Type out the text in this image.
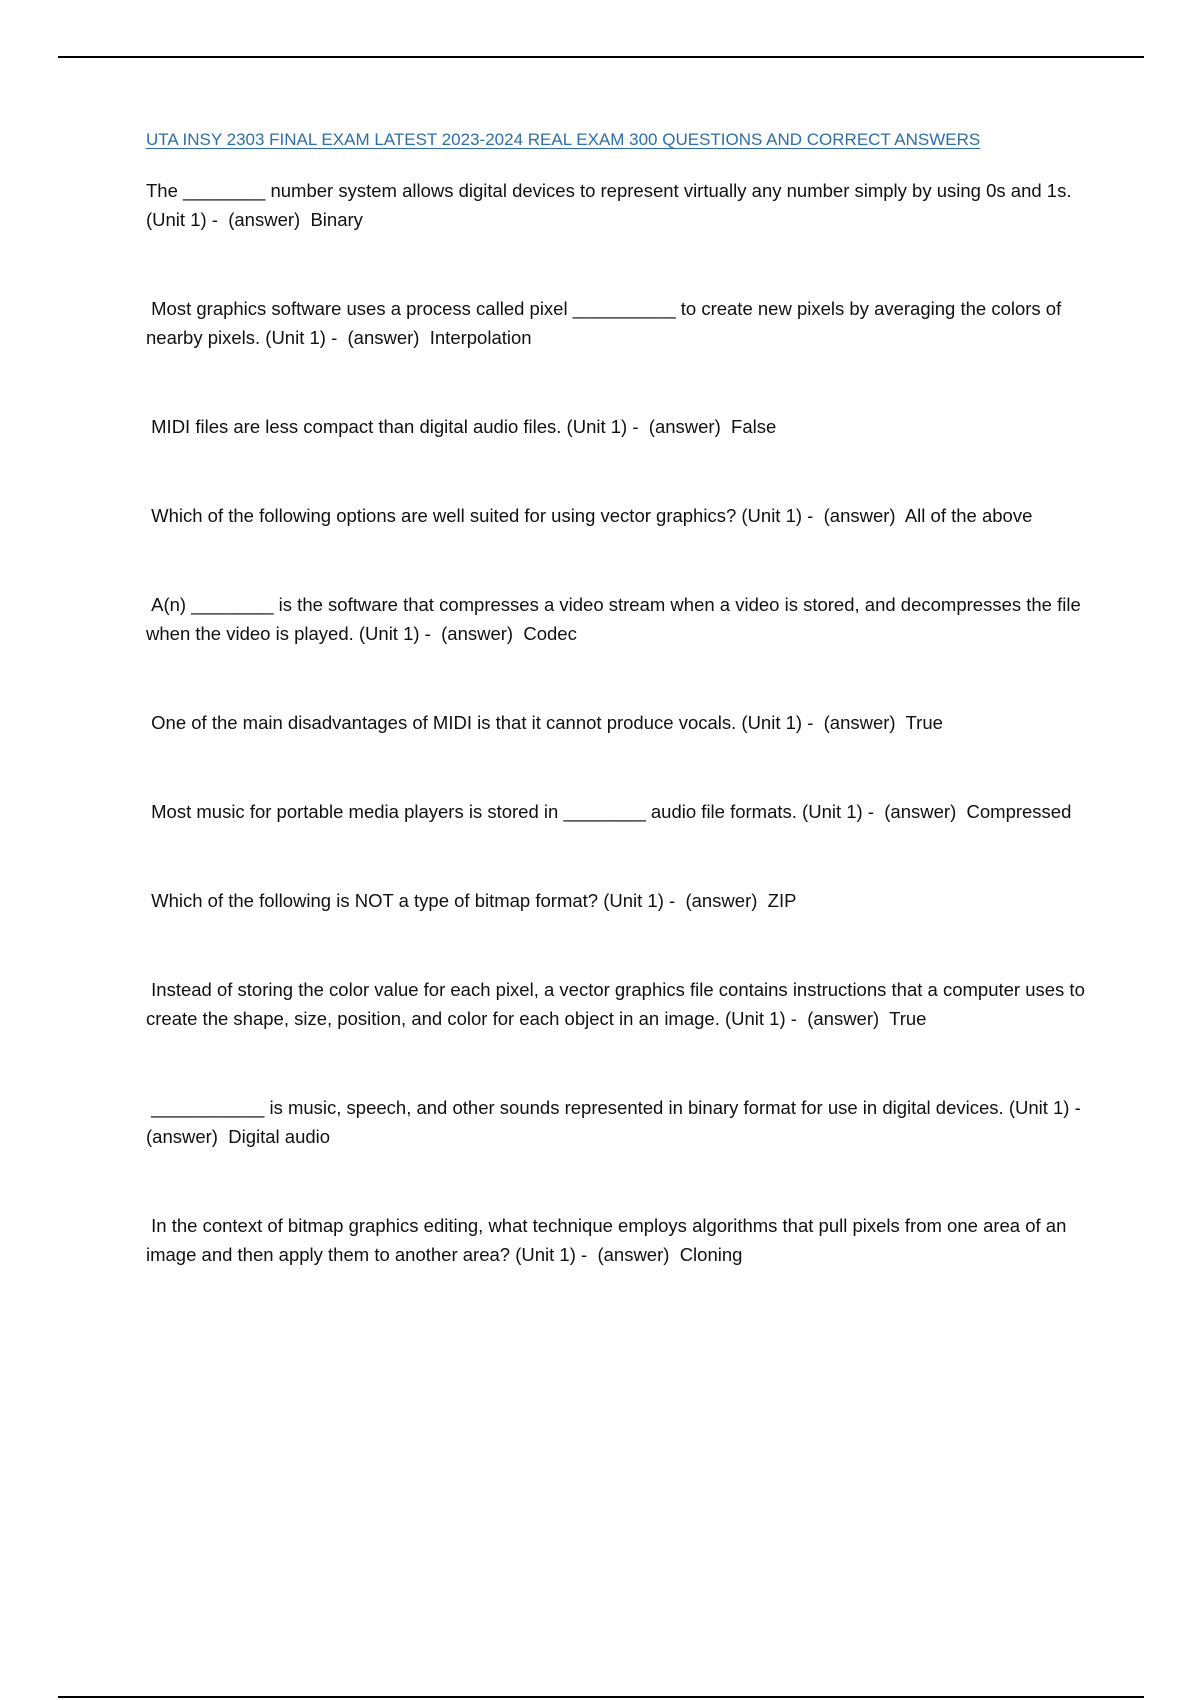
UTA INSY 2303 FINAL EXAM LATEST 2023-2024 REAL EXAM 300 QUESTIONS AND CORRECT ANSWERS
The ________ number system allows digital devices to represent virtually any number simply by using 0s and 1s. (Unit 1) -  (answer)  Binary
Most graphics software uses a process called pixel __________ to create new pixels by averaging the colors of nearby pixels. (Unit 1) -  (answer)  Interpolation
MIDI files are less compact than digital audio files. (Unit 1) -  (answer)  False
Which of the following options are well suited for using vector graphics? (Unit 1) -  (answer)  All of the above
A(n) ________ is the software that compresses a video stream when a video is stored, and decompresses the file when the video is played. (Unit 1) -  (answer)  Codec
One of the main disadvantages of MIDI is that it cannot produce vocals. (Unit 1) -  (answer)  True
Most music for portable media players is stored in ________ audio file formats. (Unit 1) -  (answer)  Compressed
Which of the following is NOT a type of bitmap format? (Unit 1) -  (answer)  ZIP
Instead of storing the color value for each pixel, a vector graphics file contains instructions that a computer uses to create the shape, size, position, and color for each object in an image. (Unit 1) -  (answer)  True
___________ is music, speech, and other sounds represented in binary format for use in digital devices. (Unit 1) -  (answer)  Digital audio
In the context of bitmap graphics editing, what technique employs algorithms that pull pixels from one area of an image and then apply them to another area? (Unit 1) -  (answer)  Cloning
